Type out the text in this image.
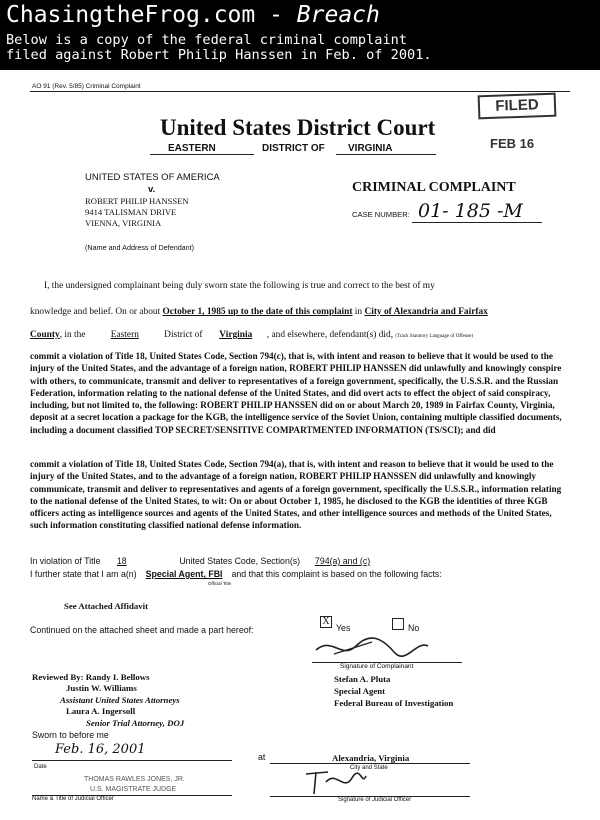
ChasingtheFrog.com - Breach
Below is a copy of the federal criminal complaint
filed against Robert Philip Hanssen in Feb. of 2001.
AO 91 (Rev. 5/85) Criminal Complaint
FILED
FEB 16
United States District Court
EASTERN	DISTRICT OF VIRGINIA
UNITED STATES OF AMERICA
v.
ROBERT PHILIP HANSSEN
9414 TALISMAN DRIVE
VIENNA, VIRGINIA
(Name and Address of Defendant)
CRIMINAL COMPLAINT
CASE NUMBER: 01- 185 -M
I, the undersigned complainant being duly sworn state the following is true and correct to the best of my
knowledge and belief. On or about October 1, 1985 up to the date of this complaint in City of Alexandria and Fairfax
County, in the	Eastern	District of Virginia , and elsewhere, defendant(s) did, (Track Statutory Language of Offense)
commit a violation of Title 18, United States Code, Section 794(c), that is, with intent and reason to believe that it would be used to the injury of the United States, and the advantage of a foreign nation, ROBERT PHILIP HANSSEN did unlawfully and knowingly conspire with others, to communicate, transmit and deliver to representatives of a foreign government, specifically, the U.S.S.R. and the Russian Federation, information relating to the national defense of the United States, and did overt acts to effect the object of said conspiracy, including, but not limited to, the following: ROBERT PHILIP HANSSEN did on or about March 20, 1989 in Fairfax County, Virginia, deposit at a secret location a package for the KGB, the intelligence service of the Soviet Union, containing multiple classified documents, including a document classified TOP SECRET/SENSITIVE COMPARTMENTED INFORMATION (TS/SCI); and did
commit a violation of Title 18, United States Code, Section 794(a), that is, with intent and reason to believe that it would be used to the injury of the United States, and to the advantage of a foreign nation, ROBERT PHILIP HANSSEN did unlawfully and knowingly communicate, transmit and deliver to representatives and agents of a foreign government, specifically the U.S.S.R., information relating to the national defense of the United States, to wit: On or about October 1, 1985, he disclosed to the KGB the identities of three KGB officers acting as intelligence sources and agents of the United States, and other intelligence sources and methods of the United States, such information constituting classified national defense information.
In violation of Title 18	United States Code, Section(s) 794(a) and (c)
I further state that I am a(n) Special Agent, FBI and that this complaint is based on the following facts:
Official Title
See Attached Affidavit
Continued on the attached sheet and made a part hereof:
X
Yes	No
Signature of Complainant
Stefan A. Pluta
Special Agent
Federal Bureau of Investigation
Reviewed By: Randy I. Bellows
Justin W. Williams
Assistant United States Attorneys
Laura A. Ingersoll
Senior Trial Attorney, DOJ
Sworn to before me
Feb. 16, 2001	at	Alexandria, Virginia
Date	City and State
THOMAS RAWLES JONES, JR.
U.S. MAGISTRATE JUDGE
Name & Title of Judicial Officer	Signature of Judicial Officer
